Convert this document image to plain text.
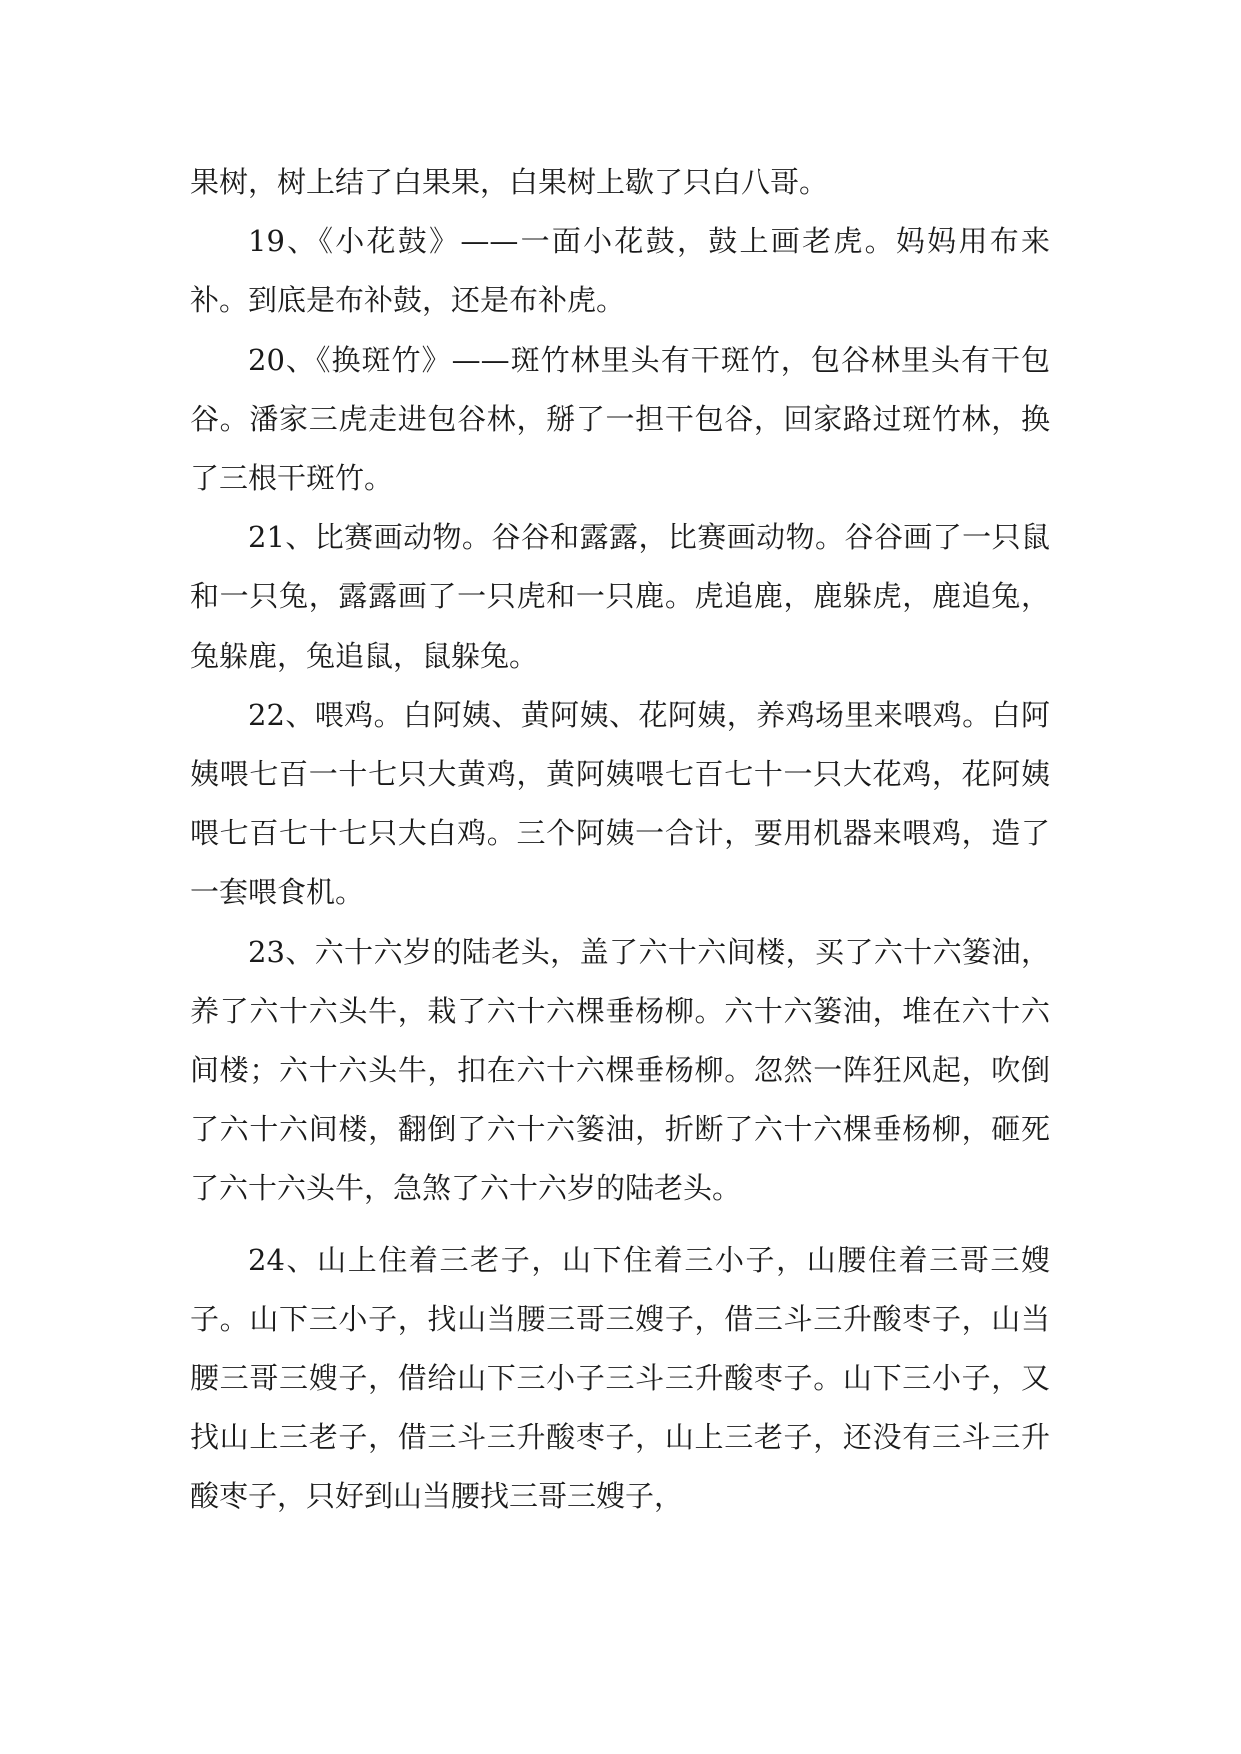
果树，树上结了白果果，白果树上歇了只白八哥。

19、《小花鼓》——一面小花鼓，鼓上画老虎。妈妈用布来补。到底是布补鼓，还是布补虎。

20、《换斑竹》——斑竹林里头有干斑竹，包谷林里头有干包谷。潘家三虎走进包谷林，掰了一担干包谷，回家路过斑竹林，换了三根干斑竹。

21、比赛画动物。谷谷和露露，比赛画动物。谷谷画了一只鼠和一只兔，露露画了一只虎和一只鹿。虎追鹿，鹿躲虎，鹿追兔，兔躲鹿，兔追鼠，鼠躲兔。

22、喂鸡。白阿姨、黄阿姨、花阿姨，养鸡场里来喂鸡。白阿姨喂七百一十七只大黄鸡，黄阿姨喂七百七十一只大花鸡，花阿姨喂七百七十七只大白鸡。三个阿姨一合计，要用机器来喂鸡，造了一套喂食机。

23、六十六岁的陆老头，盖了六十六间楼，买了六十六篓油，养了六十六头牛，栽了六十六棵垂杨柳。六十六篓油，堆在六十六间楼；六十六头牛，扣在六十六棵垂杨柳。忽然一阵狂风起，吹倒了六十六间楼，翻倒了六十六篓油，折断了六十六棵垂杨柳，砸死了六十六头牛，急煞了六十六岁的陆老头。

24、山上住着三老子，山下住着三小子，山腰住着三哥三嫂子。山下三小子，找山当腰三哥三嫂子，借三斗三升酸枣子，山当腰三哥三嫂子，借给山下三小子三斗三升酸枣子。山下三小子，又找山上三老子，借三斗三升酸枣子，山上三老子，还没有三斗三升酸枣子，只好到山当腰找三哥三嫂子，
